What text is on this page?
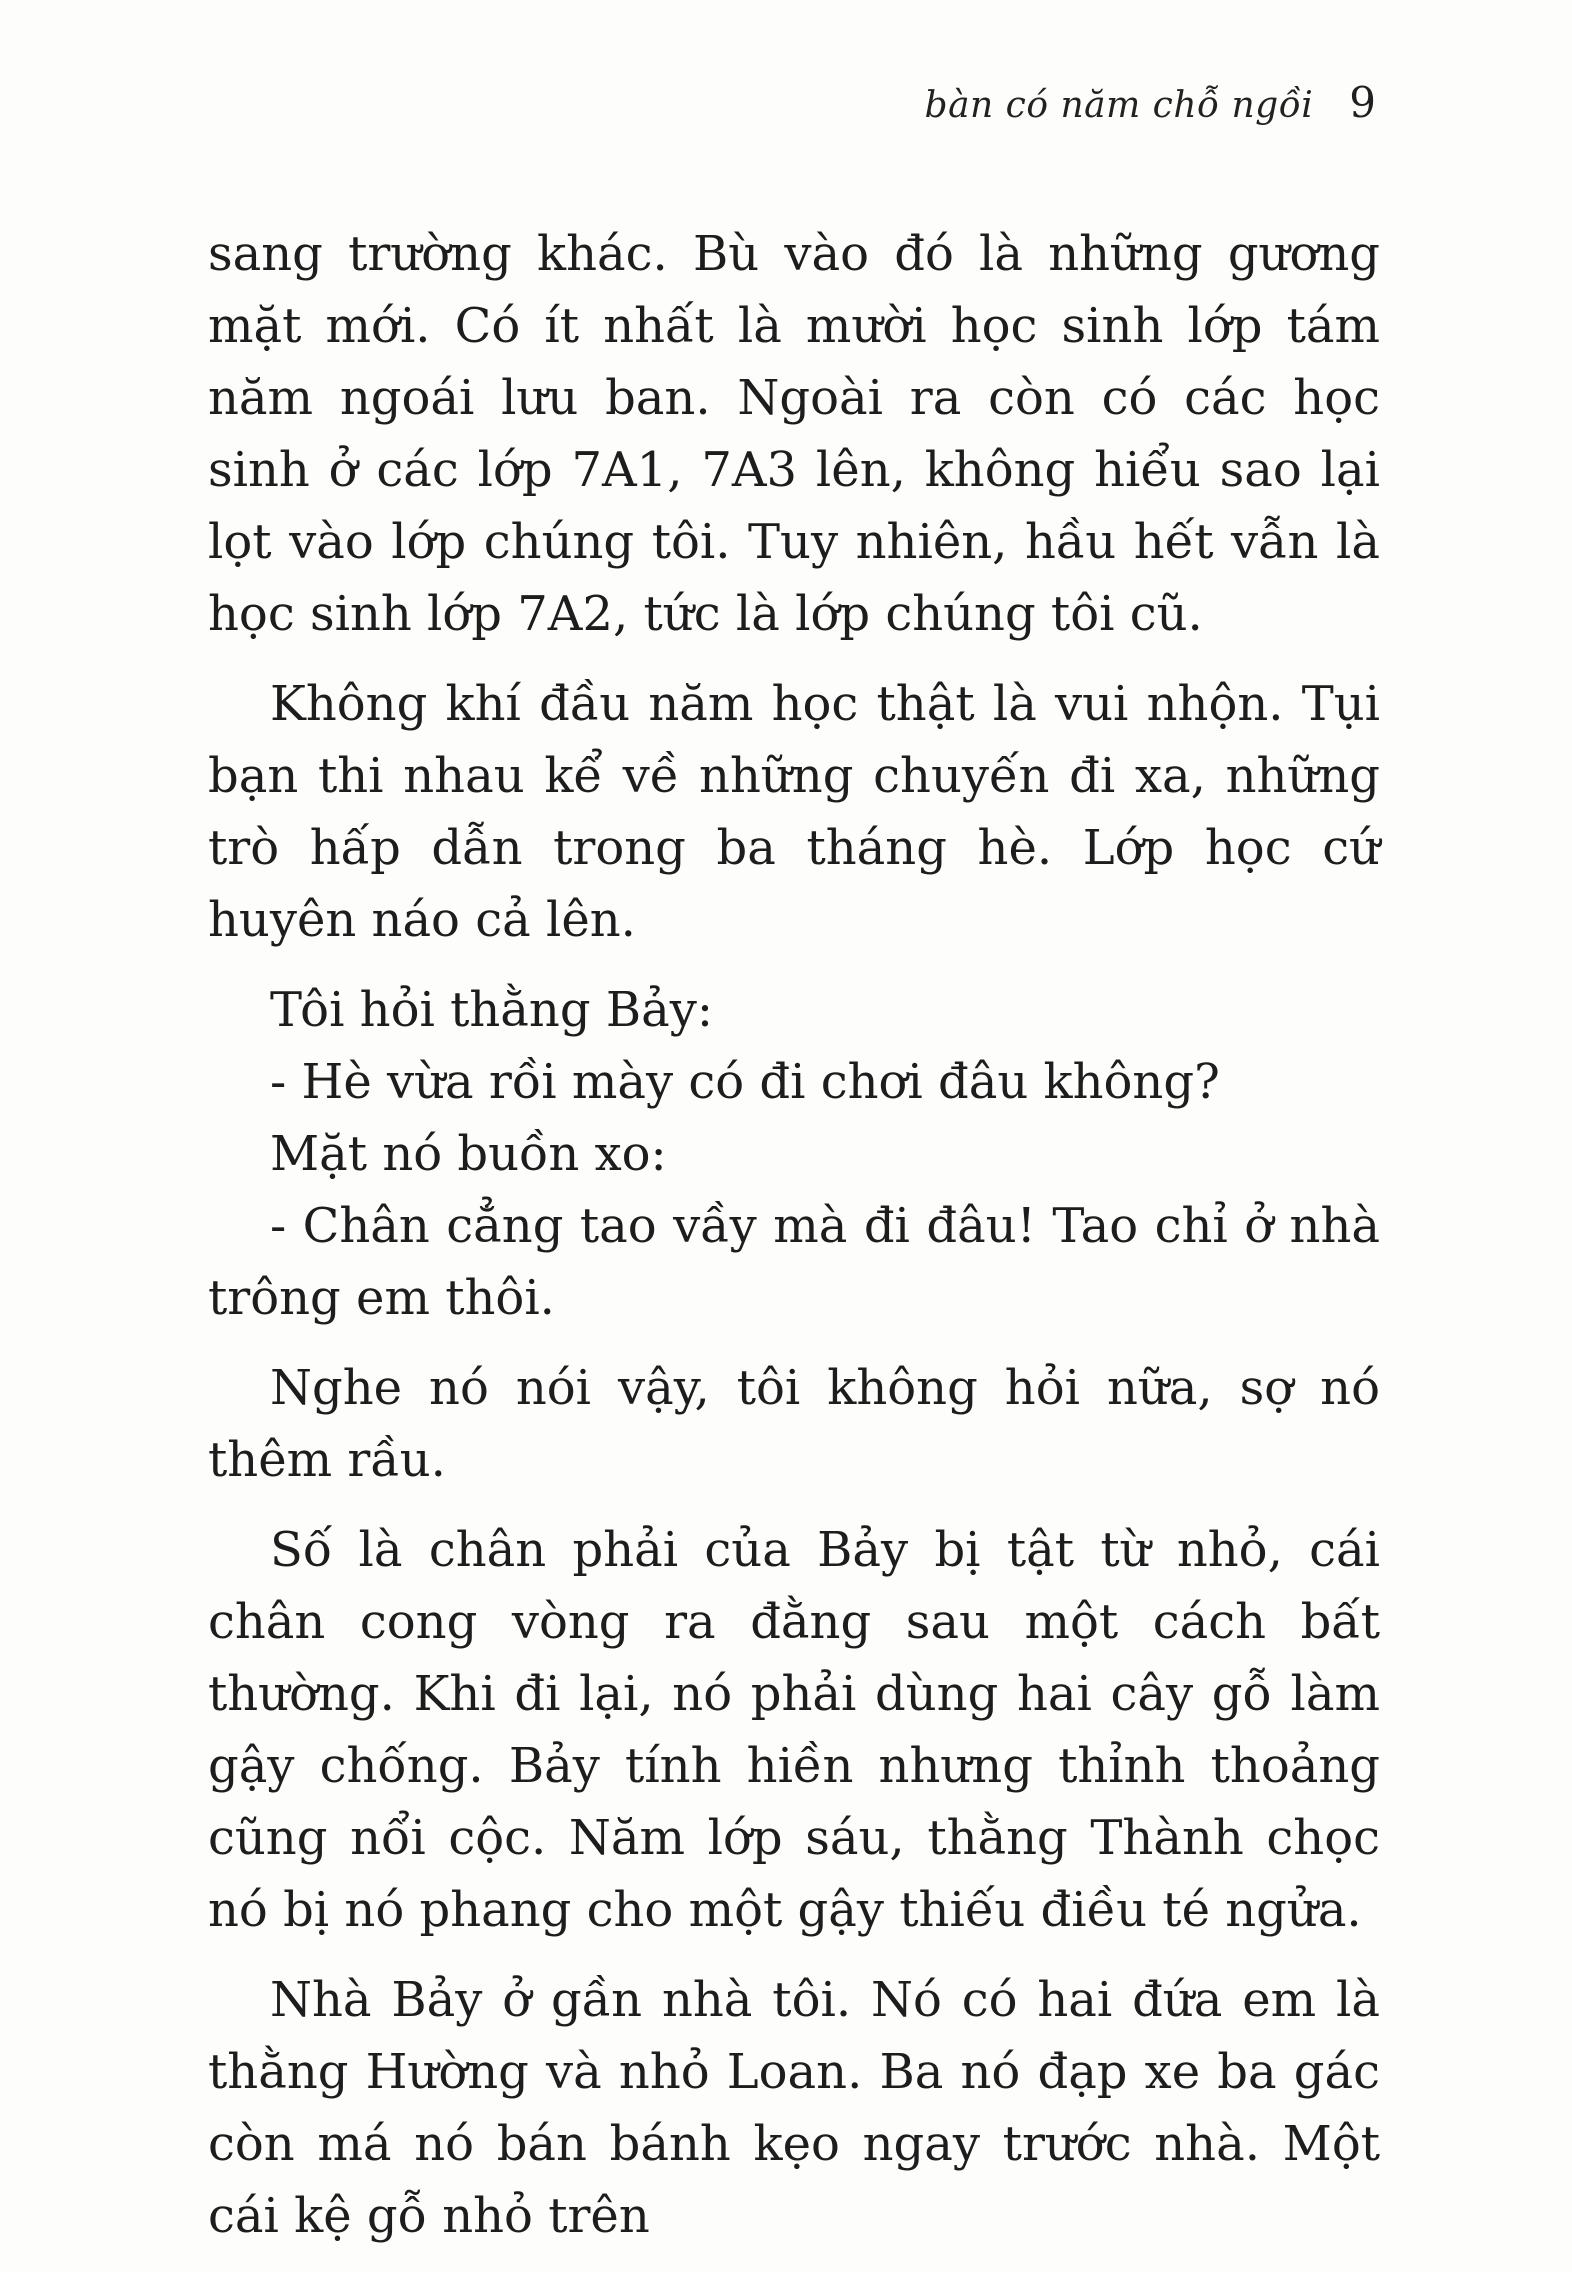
bàn có năm chỗ ngồi 9

sang trường khác. Bù vào đó là những gương mặt mới. Có ít nhất là mười học sinh lớp tám năm ngoái lưu ban. Ngoài ra còn có các học sinh ở các lớp 7A1, 7A3 lên, không hiểu sao lại lọt vào lớp chúng tôi. Tuy nhiên, hầu hết vẫn là học sinh lớp 7A2, tức là lớp chúng tôi cũ.

Không khí đầu năm học thật là vui nhộn. Tụi bạn thi nhau kể về những chuyến đi xa, những trò hấp dẫn trong ba tháng hè. Lớp học cứ huyên náo cả lên.

Tôi hỏi thằng Bảy:

- Hè vừa rồi mày có đi chơi đâu không?

Mặt nó buồn xo:

- Chân cẳng tao vầy mà đi đâu! Tao chỉ ở nhà trông em thôi.

Nghe nó nói vậy, tôi không hỏi nữa, sợ nó thêm rầu.

Số là chân phải của Bảy bị tật từ nhỏ, cái chân cong vòng ra đằng sau một cách bất thường. Khi đi lại, nó phải dùng hai cây gỗ làm gậy chống. Bảy tính hiền nhưng thỉnh thoảng cũng nổi cộc. Năm lớp sáu, thằng Thành chọc nó bị nó phang cho một gậy thiếu điều té ngửa.

Nhà Bảy ở gần nhà tôi. Nó có hai đứa em là thằng Hường và nhỏ Loan. Ba nó đạp xe ba gác còn má nó bán bánh kẹo ngay trước nhà. Một cái kệ gỗ nhỏ trên
